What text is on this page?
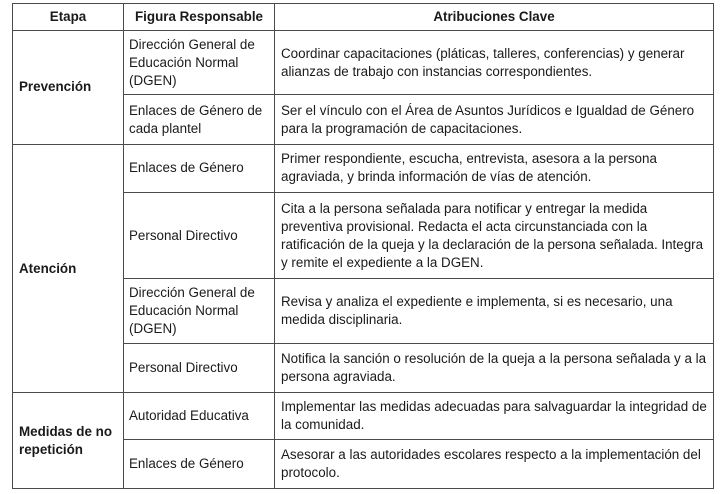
Etapa	Figura Responsable	Atribuciones Clave
Prevención	Dirección General de Educación Normal (DGEN)	Coordinar capacitaciones (pláticas, talleres, conferencias) y generar alianzas de trabajo con instancias correspondientes.
	Enlaces de Género de cada plantel	Ser el vínculo con el Área de Asuntos Jurídicos e Igualdad de Género para la programación de capacitaciones.
Atención	Enlaces de Género	Primer respondiente, escucha, entrevista, asesora a la persona agraviada, y brinda información de vías de atención.
	Personal Directivo	Cita a la persona señalada para notificar y entregar la medida preventiva provisional. Redacta el acta circunstanciada con la ratificación de la queja y la declaración de la persona señalada. Integra y remite el expediente a la DGEN.
	Dirección General de Educación Normal (DGEN)	Revisa y analiza el expediente e implementa, si es necesario, una medida disciplinaria.
	Personal Directivo	Notifica la sanción o resolución de la queja a la persona señalada y a la persona agraviada.
Medidas de no repetición	Autoridad Educativa	Implementar las medidas adecuadas para salvaguardar la integridad de la comunidad.
	Enlaces de Género	Asesorar a las autoridades escolares respecto a la implementación del protocolo.
